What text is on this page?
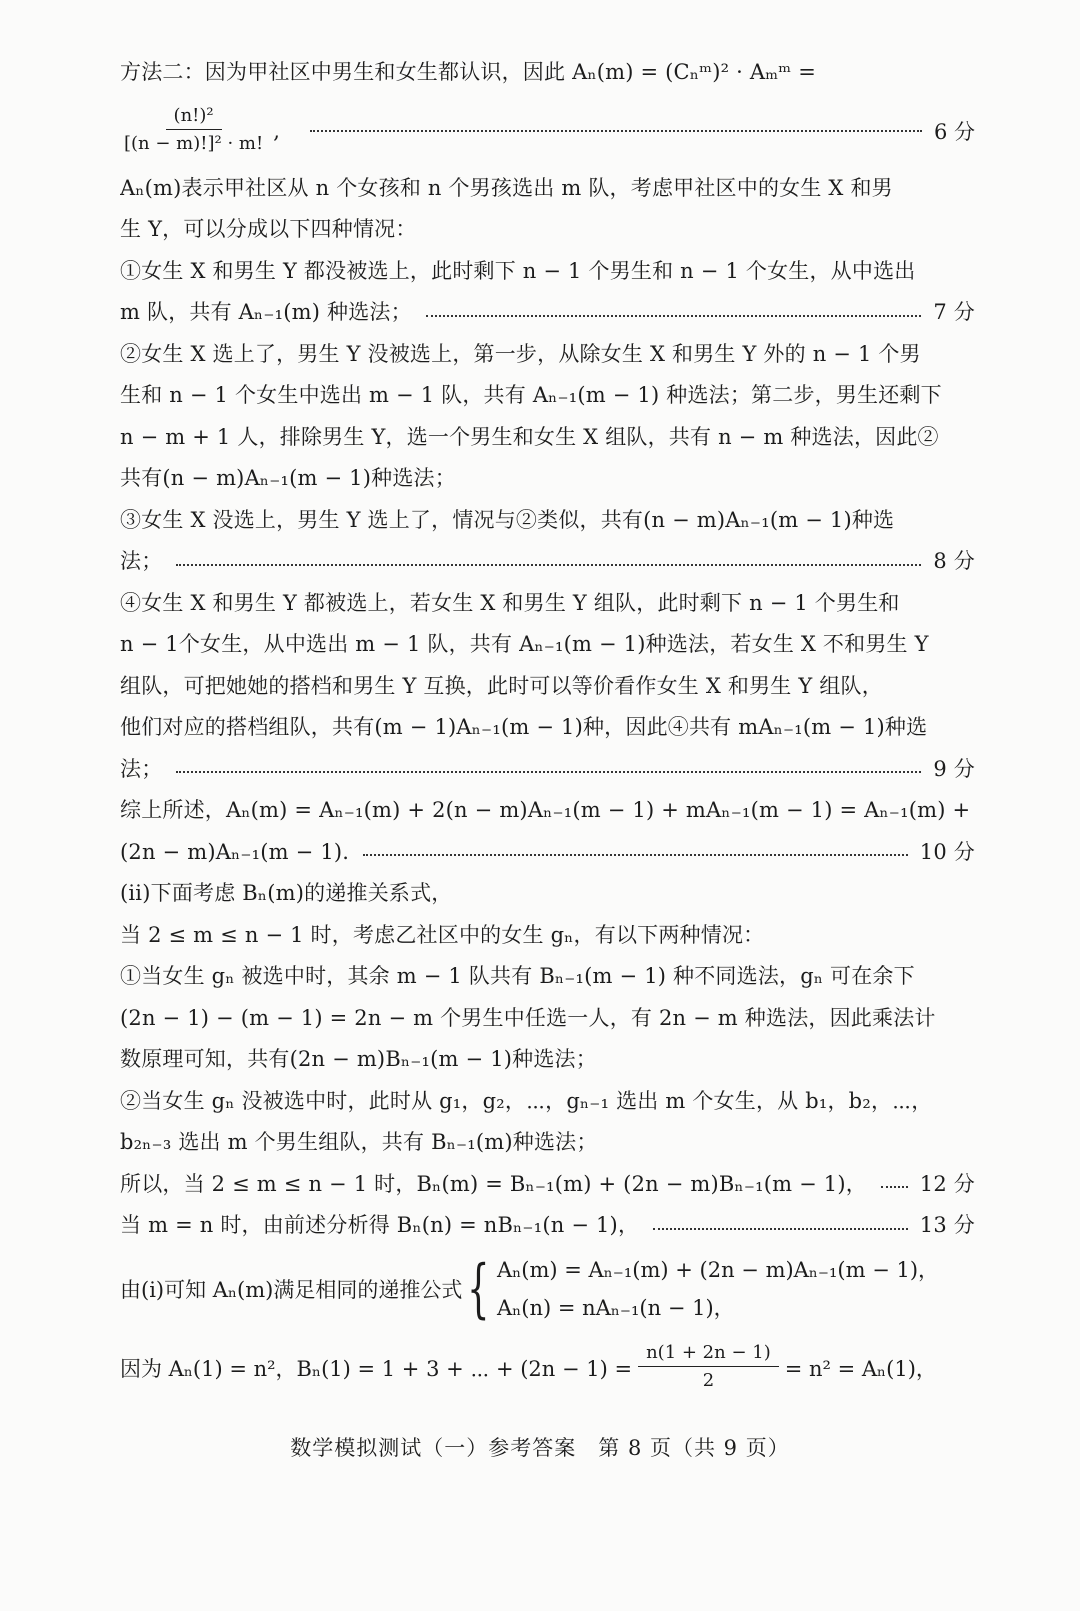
方法二：因为甲社区中男生和女生都认识，因此 Aₙ(m) = (Cₙᵐ)² · Aₘᵐ =
$\frac{\text{(n!)²}}{\text{[(n − m)!]² · m!}}$ ,	6 分
Aₙ(m)表示甲社区从 n 个女孩和 n 个男孩选出 m 队，考虑甲社区中的女生 X 和男
生 Y，可以分成以下四种情况：
①女生 X 和男生 Y 都没被选上，此时剩下 n − 1 个男生和 n − 1 个女生，从中选出
m 队，共有 Aₙ₋₁(m) 种选法；	7 分
②女生 X 选上了，男生 Y 没被选上，第一步，从除女生 X 和男生 Y 外的 n − 1 个男
生和 n − 1 个女生中选出 m − 1 队，共有 Aₙ₋₁(m − 1) 种选法；第二步，男生还剩下
n − m + 1 人，排除男生 Y，选一个男生和女生 X 组队，共有 n − m 种选法，因此②
共有(n − m)Aₙ₋₁(m − 1)种选法；
③女生 X 没选上，男生 Y 选上了，情况与②类似，共有(n − m)Aₙ₋₁(m − 1)种选
法；	8 分
④女生 X 和男生 Y 都被选上，若女生 X 和男生 Y 组队，此时剩下 n − 1 个男生和
n − 1个女生，从中选出 m − 1 队，共有 Aₙ₋₁(m − 1)种选法，若女生 X 不和男生 Y
组队，可把她她的搭档和男生 Y 互换，此时可以等价看作女生 X 和男生 Y 组队，
他们对应的搭档组队，共有(m − 1)Aₙ₋₁(m − 1)种，因此④共有 mAₙ₋₁(m − 1)种选
法；	9 分
综上所述，Aₙ(m) = Aₙ₋₁(m) + 2(n − m)Aₙ₋₁(m − 1) + mAₙ₋₁(m − 1) = Aₙ₋₁(m) +
(2n − m)Aₙ₋₁(m − 1).	10 分
(ii)下面考虑 Bₙ(m)的递推关系式，
当 2 ≤ m ≤ n − 1 时，考虑乙社区中的女生 gₙ，有以下两种情况：
①当女生 gₙ 被选中时，其余 m − 1 队共有 Bₙ₋₁(m − 1) 种不同选法，gₙ 可在余下
(2n − 1) − (m − 1) = 2n − m 个男生中任选一人，有 2n − m 种选法，因此乘法计
数原理可知，共有(2n − m)Bₙ₋₁(m − 1)种选法；
②当女生 gₙ 没被选中时，此时从 g₁，g₂，⋯，gₙ₋₁ 选出 m 个女生，从 b₁，b₂，⋯，
b₂ₙ₋₃ 选出 m 个男生组队，共有 Bₙ₋₁(m)种选法；
所以，当 2 ≤ m ≤ n − 1 时，Bₙ(m) = Bₙ₋₁(m) + (2n − m)Bₙ₋₁(m − 1)，	12 分
当 m = n 时，由前述分析得 Bₙ(n) = nBₙ₋₁(n − 1)，	13 分
由(i)可知 Aₙ(m)满足相同的递推公式 { Aₙ(m) = Aₙ₋₁(m) + (2n − m)Aₙ₋₁(m − 1)，
Aₙ(n) = nAₙ₋₁(n − 1)，
因为 Aₙ(1) = n²，Bₙ(1) = 1 + 3 + ⋯ + $(2n - 1) = \frac{n(1 + 2n - 1)}{2} = n^2 = A_n(1)$，
数学模拟测试（一）参考答案　第 8 页（共 9 页）
